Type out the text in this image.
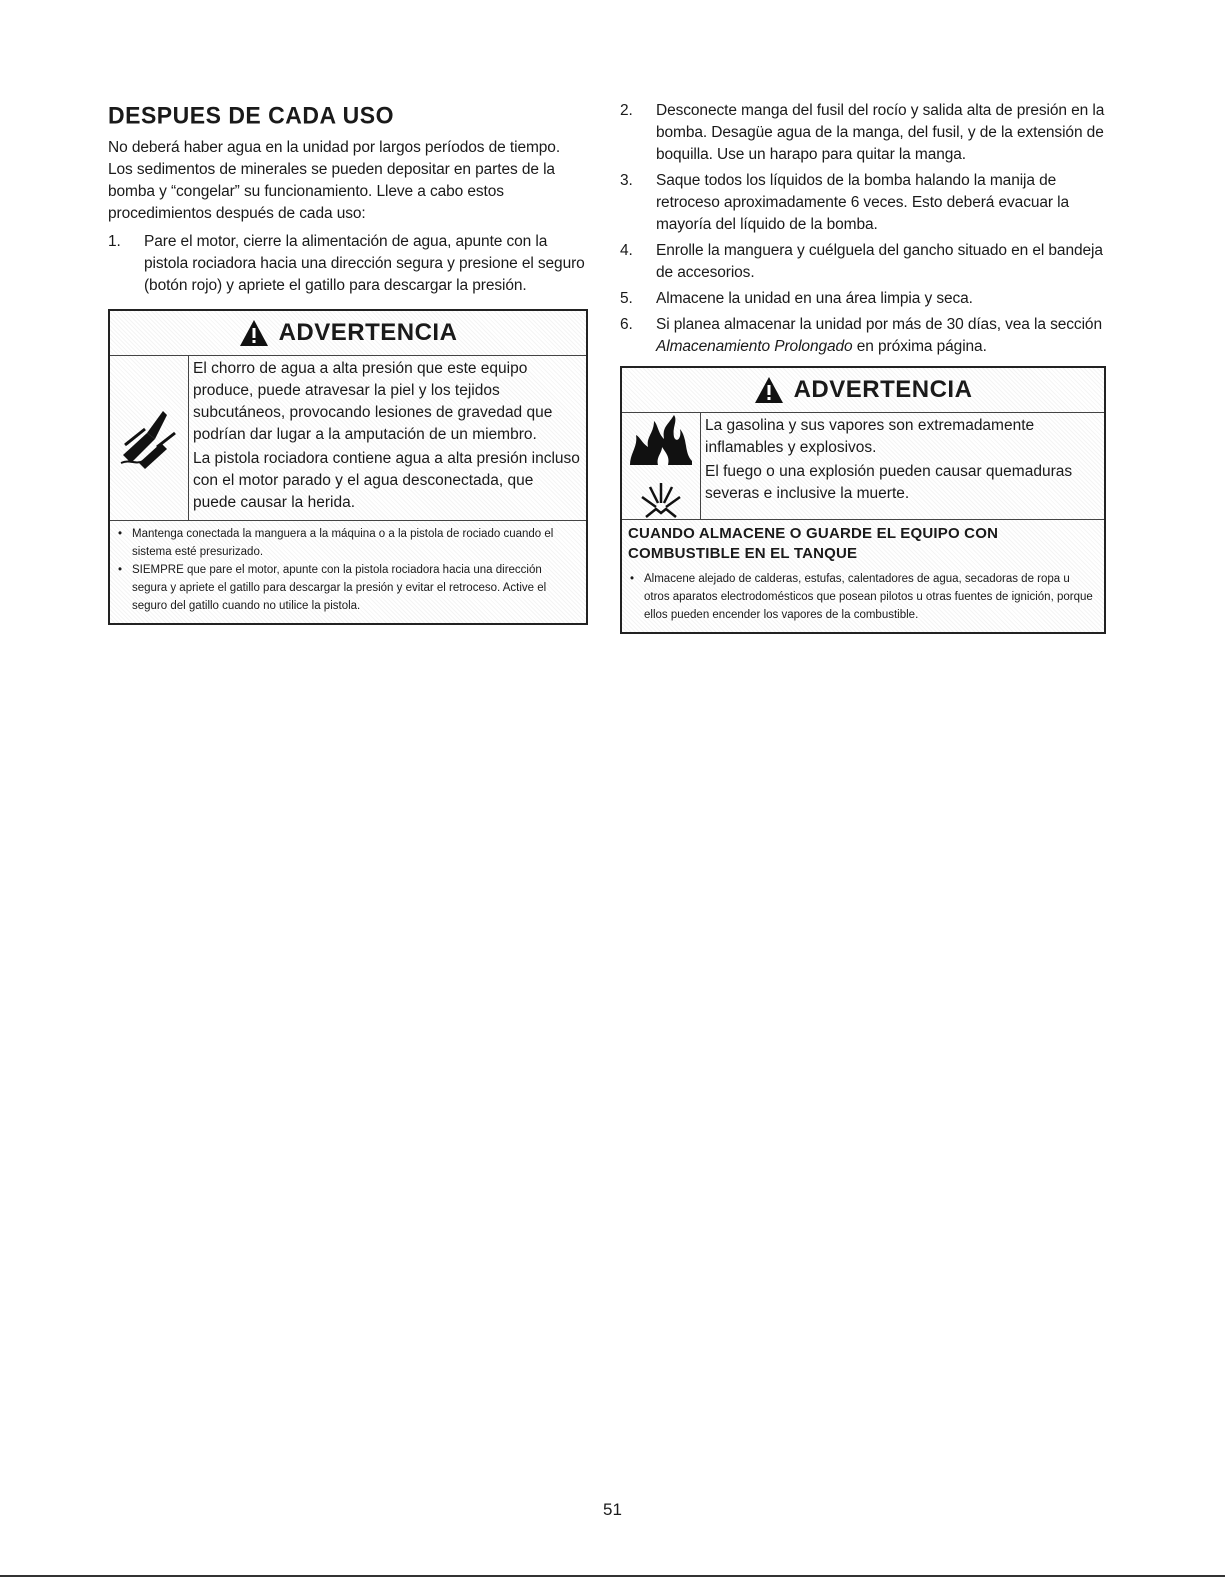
DESPUES DE CADA USO

No deberá haber agua en la unidad por largos períodos de tiempo. Los sedimentos de minerales se pueden depositar en partes de la bomba y “congelar” su funcionamiento. Lleve a cabo estos procedimientos después de cada uso:

1. Pare el motor, cierre la alimentación de agua, apunte con la pistola rociadora hacia una dirección segura y presione el seguro (botón rojo) y apriete el gatillo para descargar la presión.
ADVERTENCIA

El chorro de agua a alta presión que este equipo produce, puede atravesar la piel y los tejidos subcutáneos, provocando lesiones de gravedad que podrían dar lugar a la amputación de un miembro.

La pistola rociadora contiene agua a alta presión incluso con el motor parado y el agua desconectada, que puede causar la herida.

• Mantenga conectada la manguera a la máquina o a la pistola de rociado cuando el sistema esté presurizado.
• SIEMPRE que pare el motor, apunte con la pistola rociadora hacia una dirección segura y apriete el gatillo para descargar la presión y evitar el retroceso. Active el seguro del gatillo cuando no utilice la pistola.
2. Desconecte manga del fusil del rocío y salida alta de presión en la bomba. Desagüe agua de la manga, del fusil, y de la extensión de boquilla. Use un harapo para quitar la manga.
3. Saque todos los líquidos de la bomba halando la manija de retroceso aproximadamente 6 veces. Esto deberá evacuar la mayoría del líquido de la bomba.
4. Enrolle la manguera y cuélguela del gancho situado en el bandeja de accesorios.
5. Almacene la unidad en una área limpia y seca.
6. Si planea almacenar la unidad por más de 30 días, vea la sección Almacenamiento Prolongado en próxima página.
ADVERTENCIA

La gasolina y sus vapores son extremadamente inflamables y explosivos.

El fuego o una explosión pueden causar quemaduras severas e inclusive la muerte.

CUANDO ALMACENE O GUARDE EL EQUIPO CON COMBUSTIBLE EN EL TANQUE
• Almacene alejado de calderas, estufas, calentadores de agua, secadoras de ropa u otros aparatos electrodomésticos que posean pilotos u otras fuentes de ignición, porque ellos pueden encender los vapores de la combustible.
51
